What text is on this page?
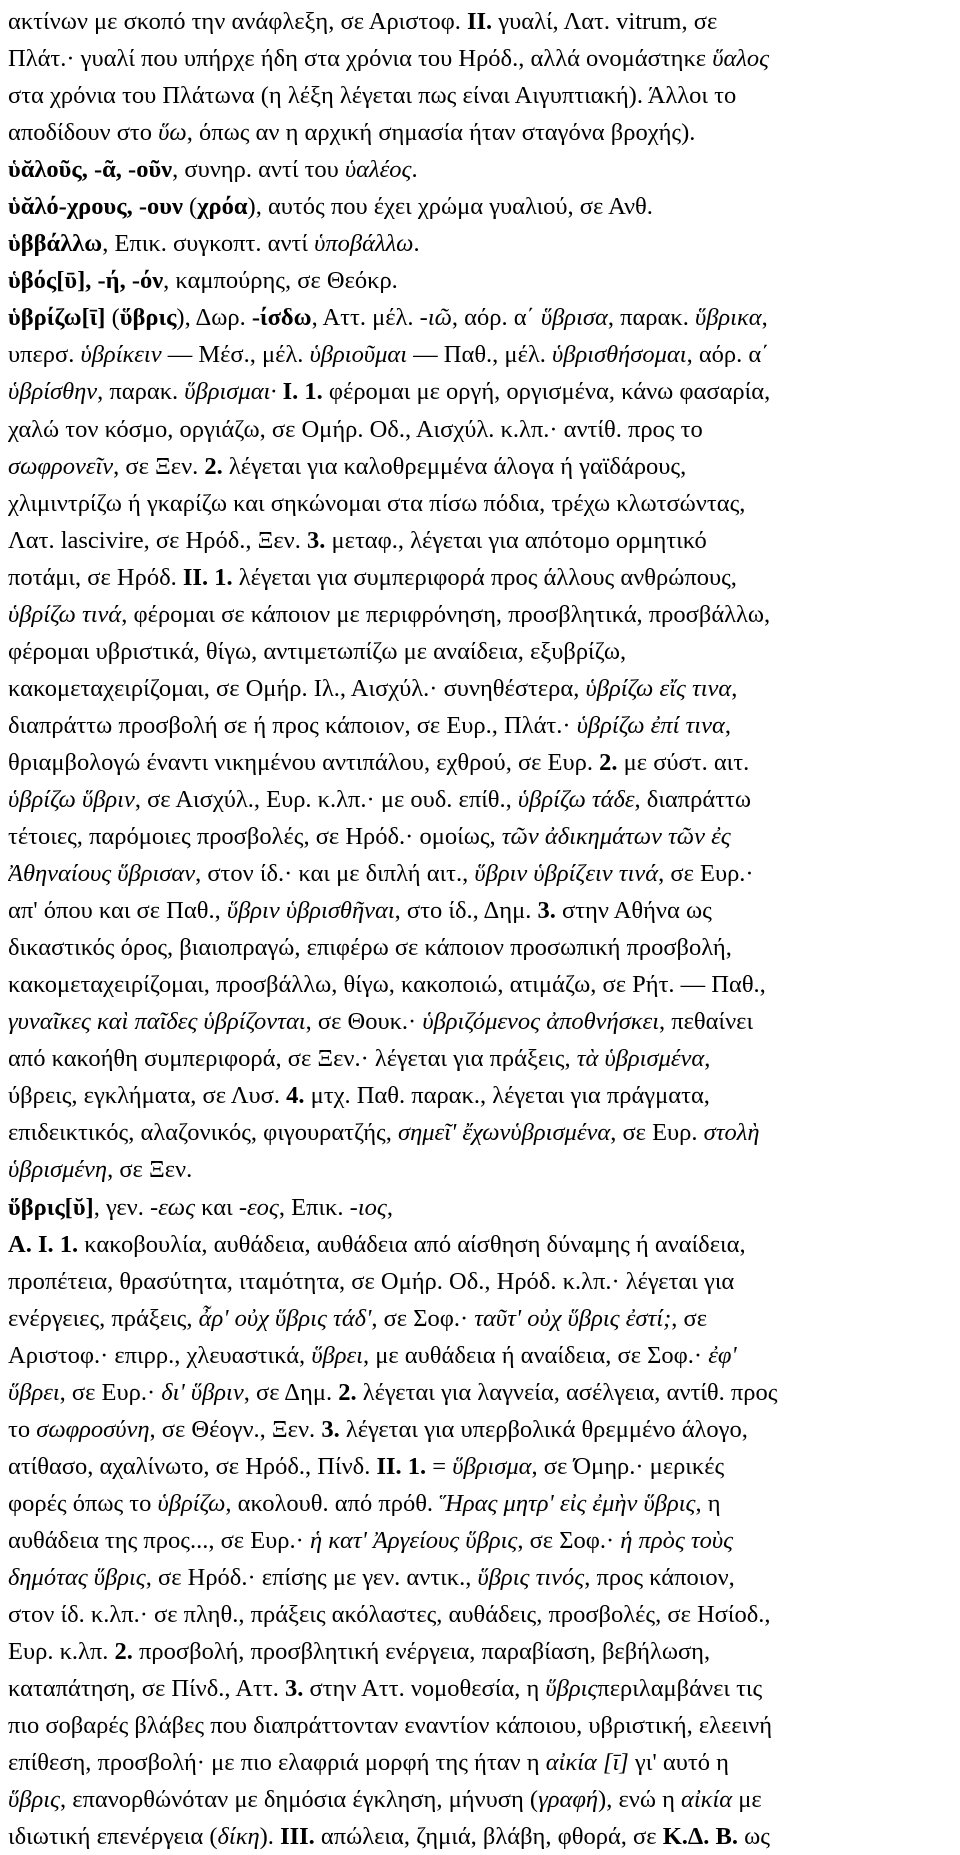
ακτίνων με σκοπό την ανάφλεξη, σε Αριστοφ. II. γυαλί, Λατ. vitrum, σε
Πλάτ.· γυαλί που υπήρχε ήδη στα χρόνια του Ηρόδ., αλλά ονομάστηκε ὕαλος
στα χρόνια του Πλάτωνα (η λέξη λέγεται πως είναι Αιγυπτιακή). Άλλοι το
αποδίδουν στο ὕω, όπως αν η αρχική σημασία ήταν σταγόνα βροχής).
ὑᾰλοῦς, -ᾶ, -οῦν, συνηρ. αντί του ὑαλέος.
ὑᾰλό-χρους, -ουν (χρόα), αυτός που έχει χρώμα γυαλιού, σε Ανθ.
ὑββάλλω, Επικ. συγκοπτ. αντί ὑποβάλλω.
ὑβός[ῡ], -ή, -όν, καμπούρης, σε Θεόκρ.
ὑβρίζω[ῑ] (ὕβρις), Δωρ. -ίσδω, Αττ. μέλ. -ιῶ, αόρ. α΄ ὕβρισα, παρακ. ὕβρικα,
υπερσ. ὑβρίκειν — Μέσ., μέλ. ὑβριοῦμαι — Παθ., μέλ. ὑβρισθήσομαι, αόρ. α΄
ὑβρίσθην, παρακ. ὕβρισμαι· I. 1. φέρομαι με οργή, οργισμένα, κάνω φασαρία,
χαλώ τον κόσμο, οργιάζω, σε Ομήρ. Οδ., Αισχύλ. κ.λπ.· αντίθ. προς το
σωφρονεῖν, σε Ξεν. 2. λέγεται για καλοθρεμμένα άλογα ή γαϊδάρους,
χλιμιντρίζω ή γκαρίζω και σηκώνομαι στα πίσω πόδια, τρέχω κλωτσώντας,
Λατ. lascivire, σε Ηρόδ., Ξεν. 3. μεταφ., λέγεται για απότομο ορμητικό
ποτάμι, σε Ηρόδ. II. 1. λέγεται για συμπεριφορά προς άλλους ανθρώπους,
ὑβρίζω τινά, φέρομαι σε κάποιον με περιφρόνηση, προσβλητικά, προσβάλλω,
φέρομαι υβριστικά, θίγω, αντιμετωπίζω με αναίδεια, εξυβρίζω,
κακομεταχειρίζομαι, σε Ομήρ. Ιλ., Αισχύλ.· συνηθέστερα, ὑβρίζω εἴς τινα,
διαπράττω προσβολή σε ή προς κάποιον, σε Ευρ., Πλάτ.· ὑβρίζω ἐπί τινα,
θριαμβολογώ έναντι νικημένου αντιπάλου, εχθρού, σε Ευρ. 2. με σύστ. αιτ.
ὑβρίζω ὕβριν, σε Αισχύλ., Ευρ. κ.λπ.· με ουδ. επίθ., ὑβρίζω τάδε, διαπράττω
τέτοιες, παρόμοιες προσβολές, σε Ηρόδ.· ομοίως, τῶν ἀδικημάτων τῶν ἐς
Ἀθηναίους ὕβρισαν, στον ίδ.· και με διπλή αιτ., ὕβριν ὑβρίζειν τινά, σε Ευρ.·
απ' όπου και σε Παθ., ὕβριν ὑβρισθῆναι, στο ίδ., Δημ. 3. στην Αθήνα ως
δικαστικός όρος, βιαιοπραγώ, επιφέρω σε κάποιον προσωπική προσβολή,
κακομεταχειρίζομαι, προσβάλλω, θίγω, κακοποιώ, ατιμάζω, σε Ρήτ. — Παθ.,
γυναῖκες καὶ παῖδες ὑβρίζονται, σε Θουκ.· ὑβριζόμενος ἀποθνήσκει, πεθαίνει
από κακοήθη συμπεριφορά, σε Ξεν.· λέγεται για πράξεις, τὰ ὑβρισμένα,
ύβρεις, εγκλήματα, σε Λυσ. 4. μτχ. Παθ. παρακ., λέγεται για πράγματα,
επιδεικτικός, αλαζονικός, φιγουρατζής, σημεῖ' ἔχωνὑβρισμένα, σε Ευρ. στολὴ
ὑβρισμένη, σε Ξεν.
ὕβρις[ῠ], γεν. -εως και -εος, Επικ. -ιος,
A. I. 1. κακοβουλία, αυθάδεια, αυθάδεια από αίσθηση δύναμης ή αναίδεια,
προπέτεια, θρασύτητα, ιταμότητα, σε Ομήρ. Οδ., Ηρόδ. κ.λπ.· λέγεται για
ενέργειες, πράξεις, ἆρ' οὐχ ὕβρις τάδ', σε Σοφ.· ταῦτ' οὐχ ὕβρις ἐστί;, σε
Αριστοφ.· επιρρ., χλευαστικά, ὕβρει, με αυθάδεια ή αναίδεια, σε Σοφ.· ἐφ'
ὕβρει, σε Ευρ.· δι' ὕβριν, σε Δημ. 2. λέγεται για λαγνεία, ασέλγεια, αντίθ. προς
το σωφροσύνη, σε Θέογν., Ξεν. 3. λέγεται για υπερβολικά θρεμμένο άλογο,
ατίθασο, αχαλίνωτο, σε Ηρόδ., Πίνδ. II. 1. = ὕβρισμα, σε Όμηρ.· μερικές
φορές όπως το ὑβρίζω, ακολουθ. από πρόθ. Ἥρας μητρ' εἰς ἐμὴν ὕβρις, η
αυθάδεια της προς..., σε Ευρ.· ἡ κατ' Ἀργείους ὕβρις, σε Σοφ.· ἡ πρὸς τοὺς
δημότας ὕβρις, σε Ηρόδ.· επίσης με γεν. αντικ., ὕβρις τινός, προς κάποιον,
στον ίδ. κ.λπ.· σε πληθ., πράξεις ακόλαστες, αυθάδεις, προσβολές, σε Ησίοδ.,
Ευρ. κ.λπ. 2. προσβολή, προσβλητική ενέργεια, παραβίαση, βεβήλωση,
καταπάτηση, σε Πίνδ., Αττ. 3. στην Αττ. νομοθεσία, η ὕβριςπεριλαμβάνει τις
πιο σοβαρές βλάβες που διαπράττονταν εναντίον κάποιου, υβριστική, ελεεινή
επίθεση, προσβολή· με πιο ελαφριά μορφή της ήταν η αἰκία [ῑ] γι' αυτό η
ὕβρις, επανορθώνόταν με δημόσια έγκληση, μήνυση (γραφή), ενώ η αἰκία με
ιδιωτική επενέργεια (δίκη). III. απώλεια, ζημιά, βλάβη, φθορά, σε Κ.Δ. B. ως
